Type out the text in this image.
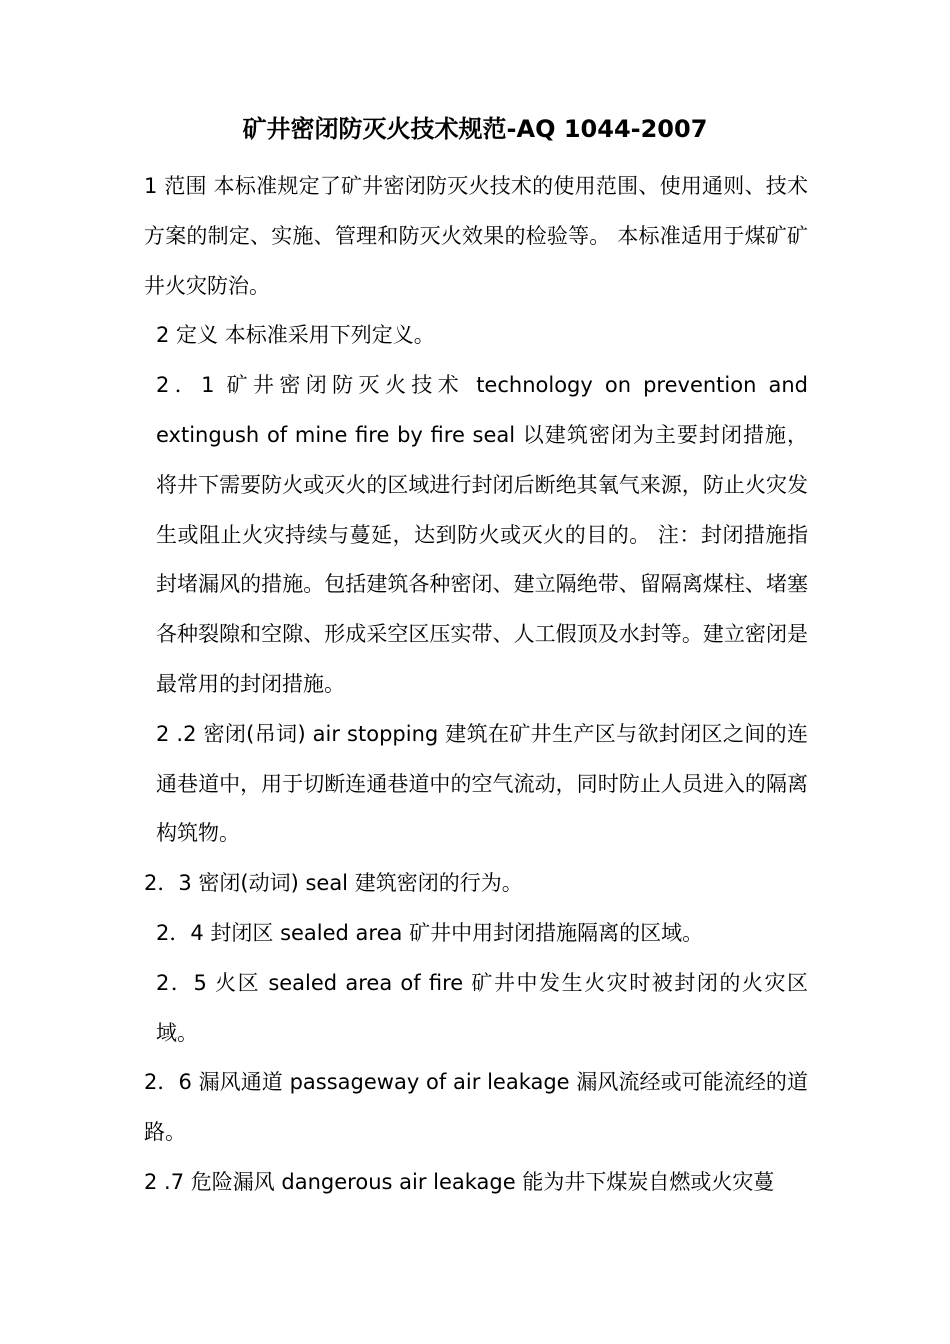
矿井密闭防灭火技术规范-AQ 1044-2007

1 范围 本标准规定了矿井密闭防灭火技术的使用范围、使用通则、技术方案的制定、实施、管理和防灭火效果的检验等。 本标准适用于煤矿矿井火灾防治。

2 定义 本标准采用下列定义。

2．1 矿井密闭防灭火技术 technology on prevention and extingush of mine fire by fire seal 以建筑密闭为主要封闭措施，将井下需要防火或灭火的区域进行封闭后断绝其氧气来源，防止火灾发生或阻止火灾持续与蔓延，达到防火或灭火的目的。 注：封闭措施指封堵漏风的措施。包括建筑各种密闭、建立隔绝带、留隔离煤柱、堵塞各种裂隙和空隙、形成采空区压实带、人工假顶及水封等。建立密闭是最常用的封闭措施。

2 .2 密闭(吊词) air stopping 建筑在矿井生产区与欲封闭区之间的连通巷道中，用于切断连通巷道中的空气流动，同时防止人员进入的隔离构筑物。

2．3 密闭(动词) seal 建筑密闭的行为。

2．4 封闭区 sealed area 矿井中用封闭措施隔离的区域。

2．5 火区 sealed area of fire 矿井中发生火灾时被封闭的火灾区域。

2．6 漏风通道 passageway of air leakage 漏风流经或可能流经的道路。

2 .7 危险漏风 dangerous air leakage 能为井下煤炭自燃或火灾蔓
